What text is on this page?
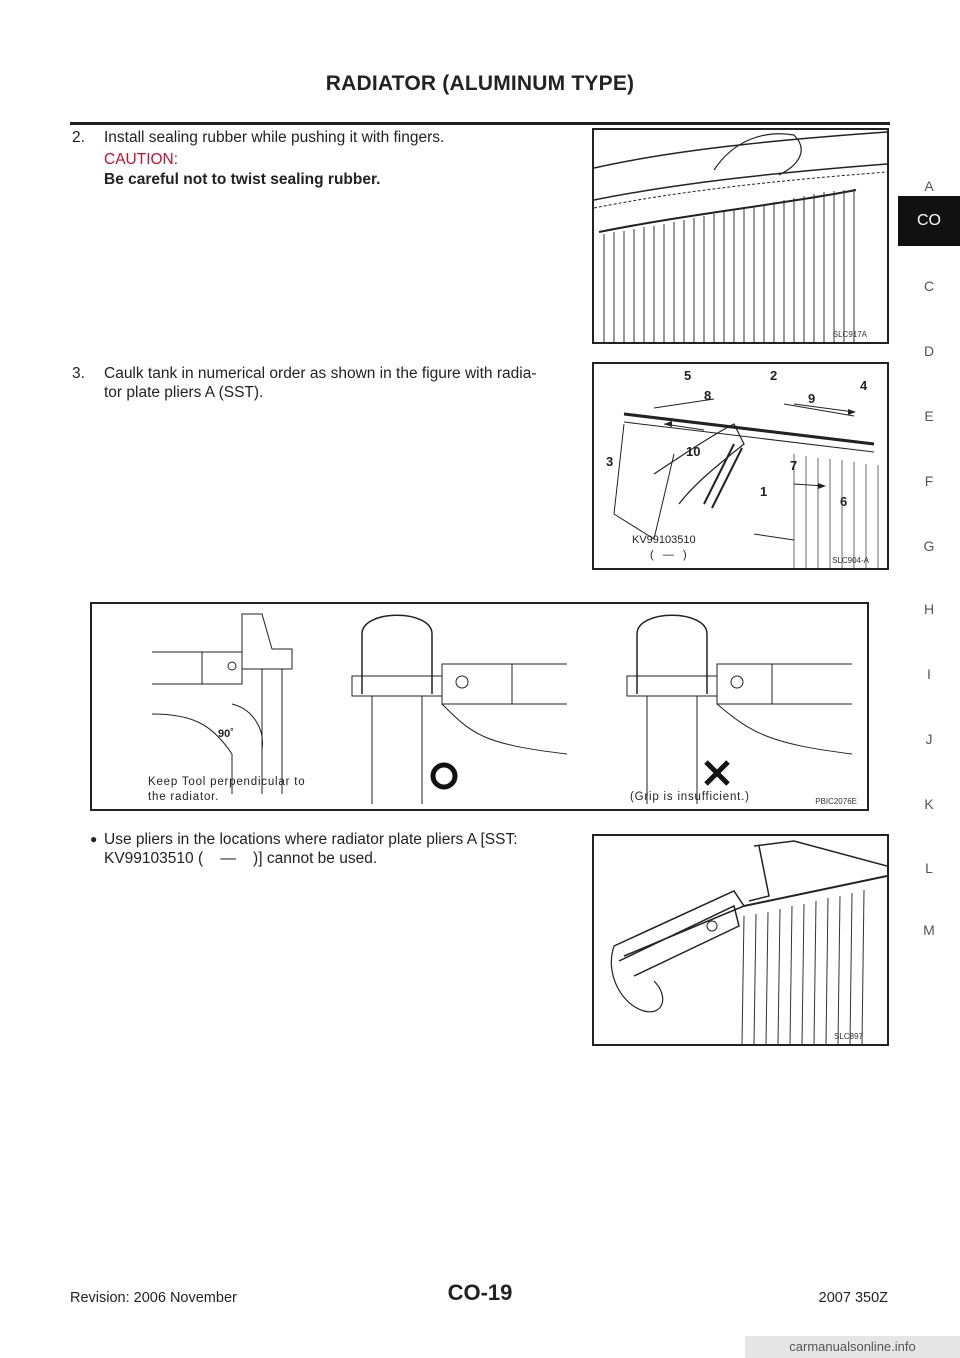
RADIATOR (ALUMINUM TYPE)
2. Install sealing rubber while pushing it with fingers.
CAUTION:
Be careful not to twist sealing rubber.
SLC917A
3. Caulk tank in numerical order as shown in the figure with radia-
tor plate pliers A (SST).
5	2
4
8	9
10
3	7
1
6
KV99103510
(   —   )	SLC904-A
90˚
Keep Tool perpendicular to
the radiator.	(Grip is insufficient.)	PBIC2076E
● Use pliers in the locations where radiator plate pliers A [SST:
KV99103510 (    —    )] cannot be used.
SLC897
A
CO
C
D
E
F
G
H
I
J
K
L
M
Revision: 2006 November	CO-19	2007 350Z
carmanualsonline.info
